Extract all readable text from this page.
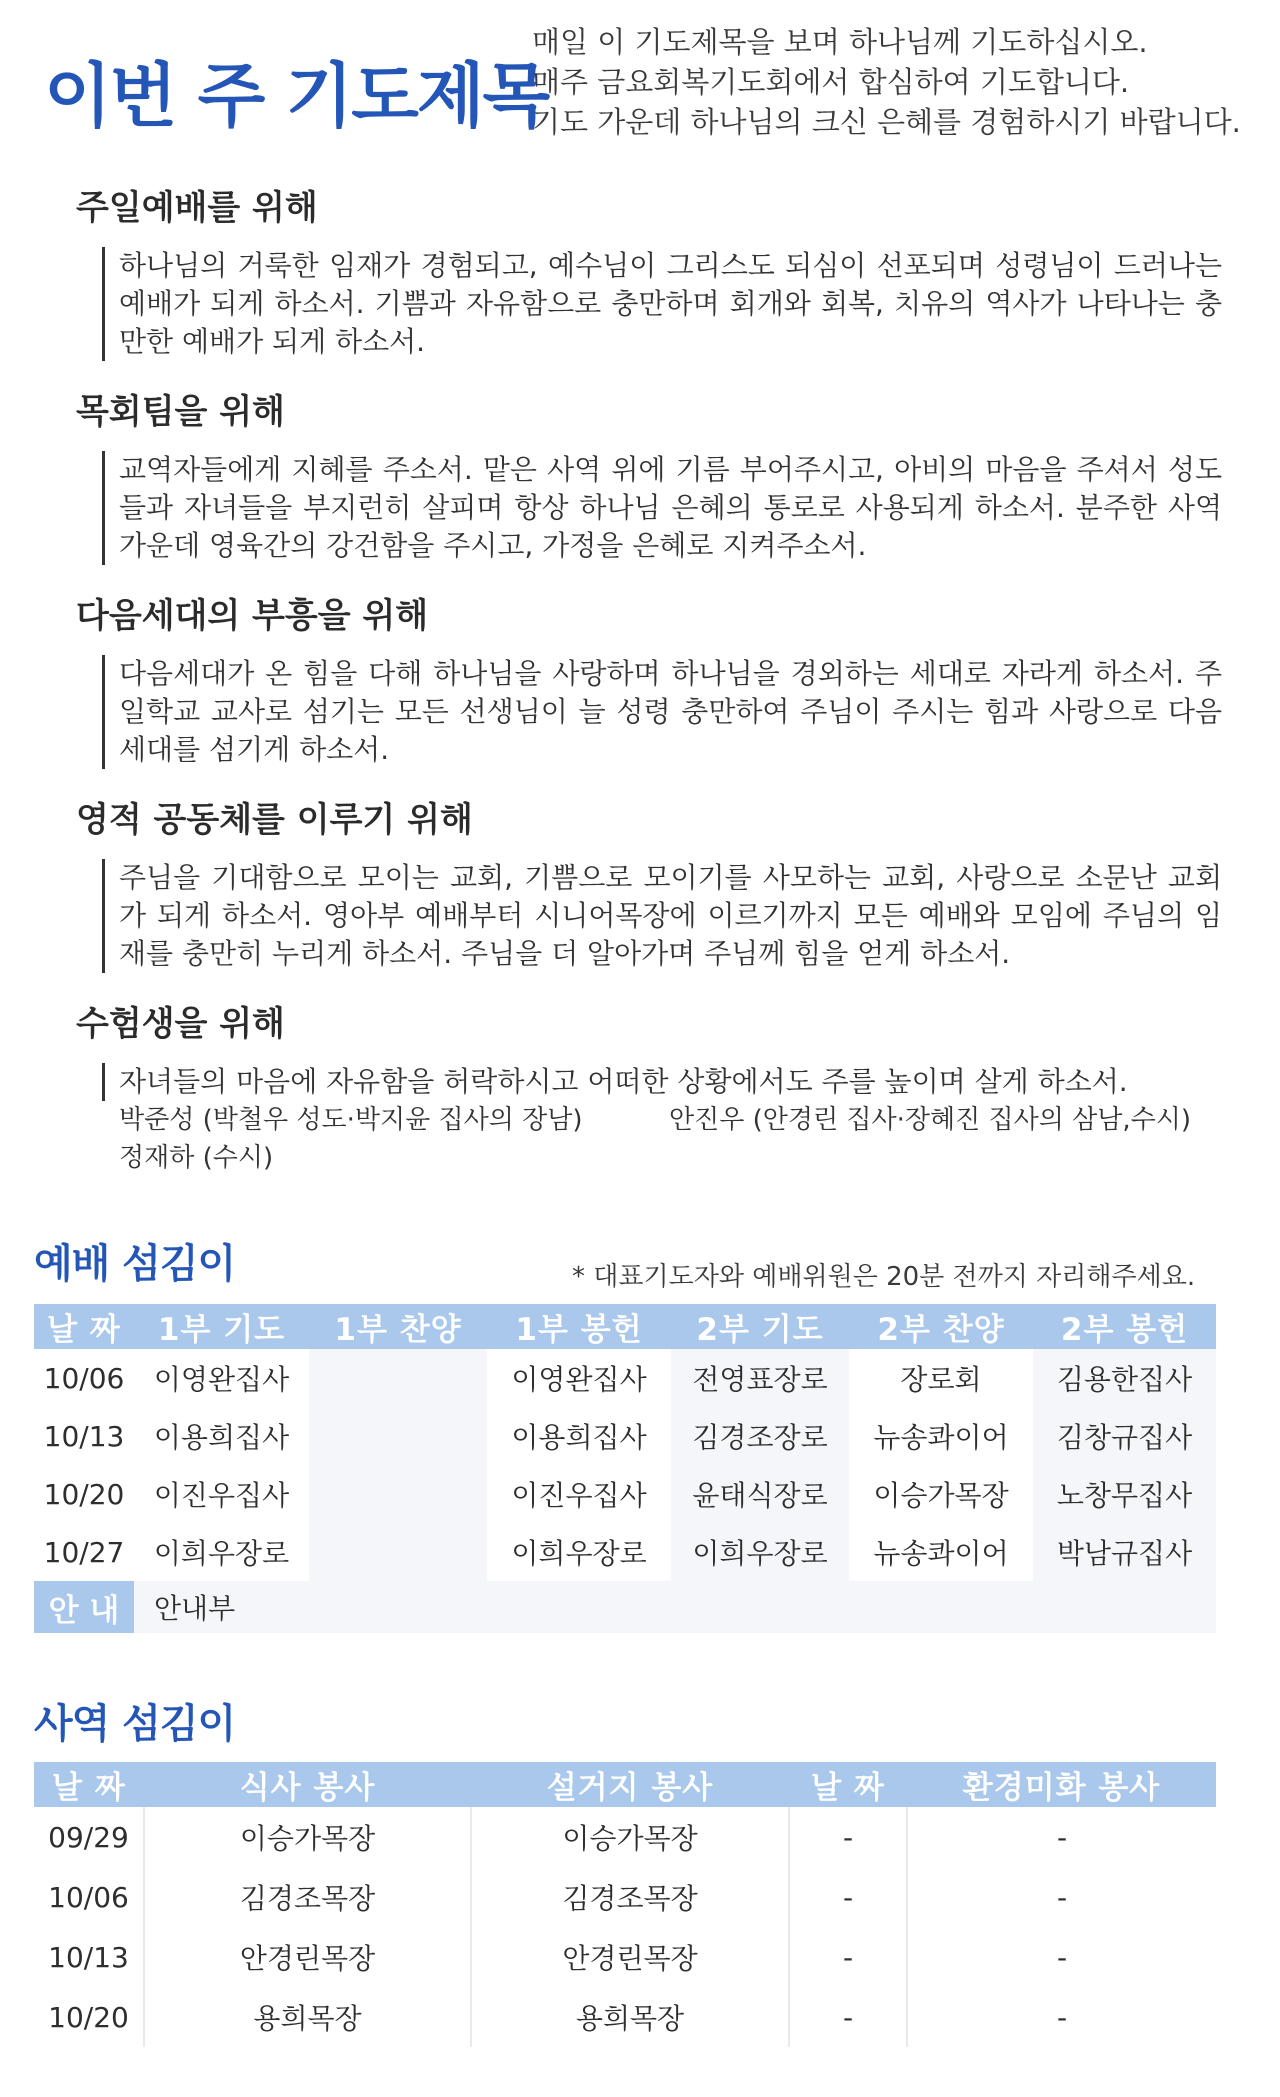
이번 주 기도제목
매일 이 기도제목을 보며 하나님께 기도하십시오.
매주 금요회복기도회에서 합심하여 기도합니다.
기도 가운데 하나님의 크신 은혜를 경험하시기 바랍니다.
주일예배를 위해
하나님의 거룩한 임재가 경험되고, 예수님이 그리스도 되심이 선포되며 성령님이 드러나는 예배가 되게 하소서. 기쁨과 자유함으로 충만하며 회개와 회복, 치유의 역사가 나타나는 충만한 예배가 되게 하소서.
목회팀을 위해
교역자들에게 지혜를 주소서. 맡은 사역 위에 기름 부어주시고, 아비의 마음을 주셔서 성도들과 자녀들을 부지런히 살피며 항상 하나님 은혜의 통로로 사용되게 하소서. 분주한 사역가운데 영육간의 강건함을 주시고, 가정을 은혜로 지켜주소서.
다음세대의 부흥을 위해
다음세대가 온 힘을 다해 하나님을 사랑하며 하나님을 경외하는 세대로 자라게 하소서. 주일학교 교사로 섬기는 모든 선생님이 늘 성령 충만하여 주님이 주시는 힘과 사랑으로 다음세대를 섬기게 하소서.
영적 공동체를 이루기 위해
주님을 기대함으로 모이는 교회, 기쁨으로 모이기를 사모하는 교회, 사랑으로 소문난 교회가 되게 하소서. 영아부 예배부터 시니어목장에 이르기까지 모든 예배와 모임에 주님의 임재를 충만히 누리게 하소서. 주님을 더 알아가며 주님께 힘을 얻게 하소서.
수험생을 위해
자녀들의 마음에 자유함을 허락하시고 어떠한 상황에서도 주를 높이며 살게 하소서.
박준성 (박철우 성도·박지윤 집사의 장남)	안진우 (안경린 집사·장혜진 집사의 삼남,수시)
정재하 (수시)
예배 섬김이	* 대표기도자와 예배위원은 20분 전까지 자리해주세요.
날 짜	1부 기도	1부 찬양	1부 봉헌	2부 기도	2부 찬양	2부 봉헌
10/06	이영완집사		이영완집사	전영표장로	장로회	김용한집사
10/13	이용희집사		이용희집사	김경조장로	뉴송콰이어	김창규집사
10/20	이진우집사		이진우집사	윤태식장로	이승가목장	노창무집사
10/27	이희우장로		이희우장로	이희우장로	뉴송콰이어	박남규집사
안 내	안내부					
사역 섬김이
날 짜	식사 봉사	설거지 봉사	날 짜	환경미화 봉사
09/29	이승가목장	이승가목장	-	-
10/06	김경조목장	김경조목장	-	-
10/13	안경린목장	안경린목장	-	-
10/20	용희목장	용희목장	-	-
